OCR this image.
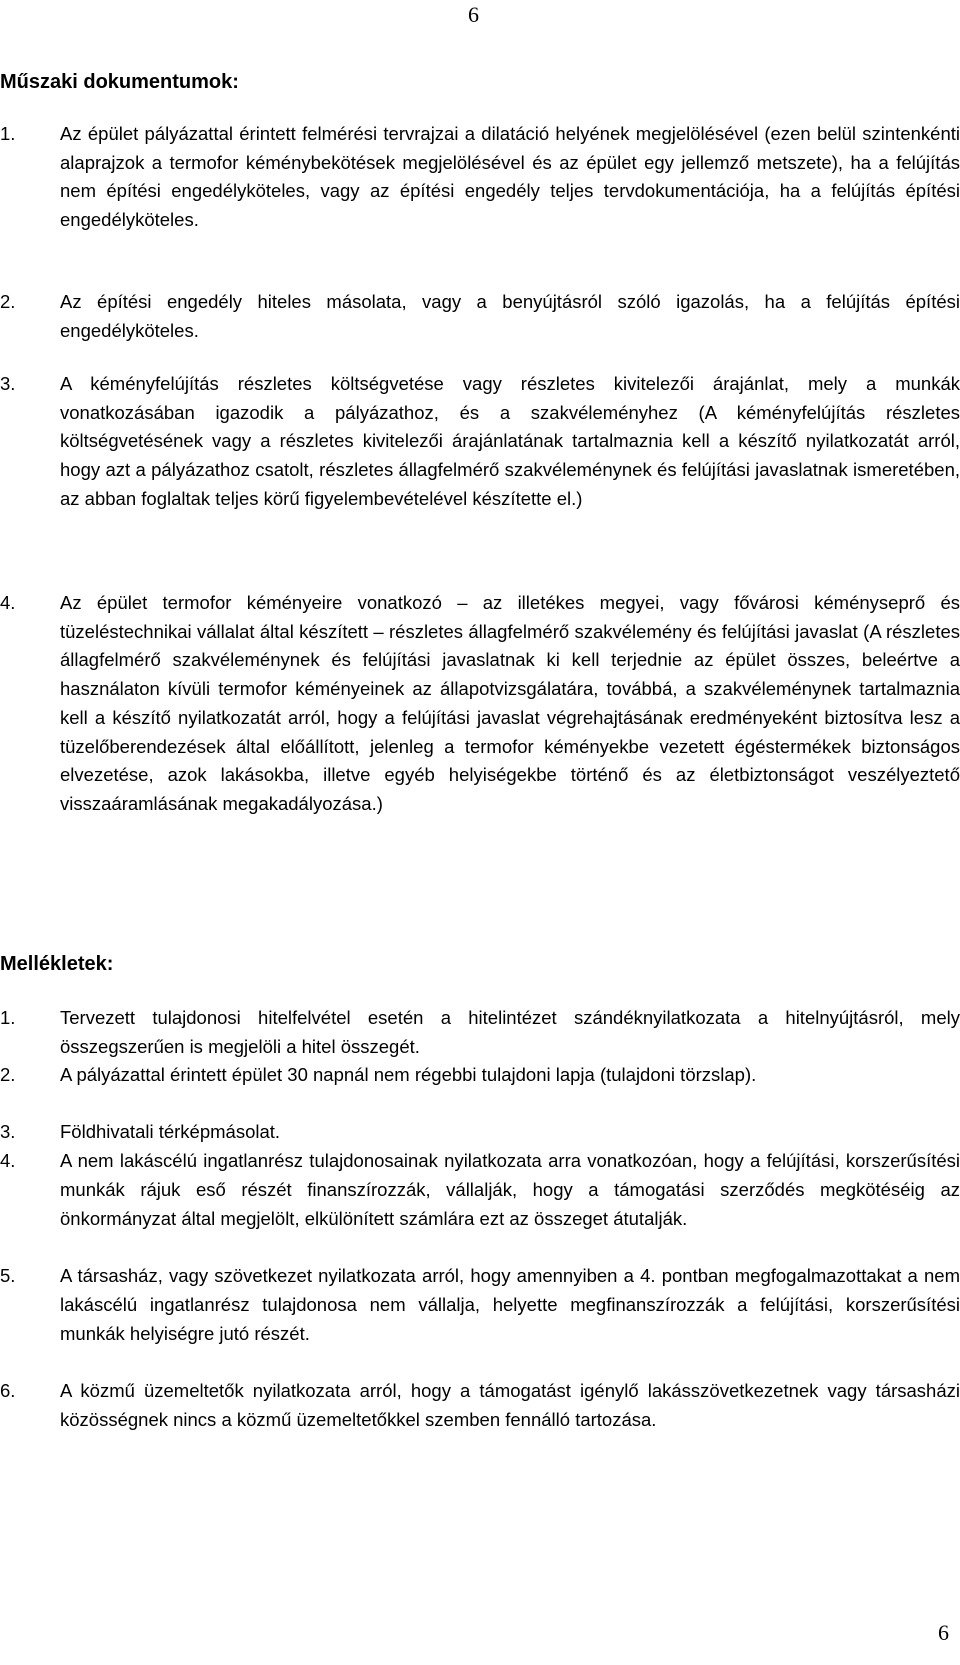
6
Műszaki dokumentumok:
1. Az épület pályázattal érintett felmérési tervrajzai a dilatáció helyének megjelölésével (ezen belül szintenkénti alaprajzok a termofor kéménybekötések megjelölésével és az épület egy jellemző metszete), ha a felújítás nem építési engedélyköteles, vagy az építési engedély teljes tervdokumentációja, ha a felújítás építési engedélyköteles.
2. Az építési engedély hiteles másolata, vagy a benyújtásról szóló igazolás, ha a felújítás építési engedélyköteles.
3. A kéményfelújítás részletes költségvetése vagy részletes kivitelezői árajánlat, mely a munkák vonatkozásában igazodik a pályázathoz, és a szakvéleményhez (A kéményfelújítás részletes költségvetésének vagy a részletes kivitelezői árajánlatának tartalmaznia kell a készítő nyilatkozatát arról, hogy azt a pályázathoz csatolt, részletes állagfelmérő szakvéleménynek és felújítási javaslatnak ismeretében, az abban foglaltak teljes körű figyelembevételével készítette el.)
4. Az épület termofor kéményeire vonatkozó – az illetékes megyei, vagy fővárosi kéményseprő és tüzeléstechnikai vállalat által készített – részletes állagfelmérő szakvélemény és felújítási javaslat (A részletes állagfelmérő szakvéleménynek és felújítási javaslatnak ki kell terjednie az épület összes, beleértve a használaton kívüli termofor kéményeinek az állapotvizsgálatára, továbbá, a szakvéleménynek tartalmaznia kell a készítő nyilatkozatát arról, hogy a felújítási javaslat végrehajtásának eredményeként biztosítva lesz a tüzelőberendezések által előállított, jelenleg a termofor kéményekbe vezetett égéstermékek biztonságos elvezetése, azok lakásokba, illetve egyéb helyiségekbe történő és az életbiztonságot veszélyeztető visszaáramlásának megakadályozása.)
Mellékletek:
1. Tervezett tulajdonosi hitelfelvétel esetén a hitelintézet szándéknyilatkozata a hitelnyújtásról, mely összegszerűen is megjelöli a hitel összegét.
2. A pályázattal érintett épület 30 napnál nem régebbi tulajdoni lapja (tulajdoni törzslap).
3. Földhivatali térképmásolat.
4. A nem lakáscélú ingatlanrész tulajdonosainak nyilatkozata arra vonatkozóan, hogy a felújítási, korszerűsítési munkák rájuk eső részét finanszírozzák, vállalják, hogy a támogatási szerződés megkötéséig az önkormányzat által megjelölt, elkülönített számlára ezt az összeget átutalják.
5. A társasház, vagy szövetkezet nyilatkozata arról, hogy amennyiben a 4. pontban megfogalmazottakat a nem lakáscélú ingatlanrész tulajdonosa nem vállalja, helyette megfinanszírozzák a felújítási, korszerűsítési munkák helyiségre jutó részét.
6. A közmű üzemeltetők nyilatkozata arról, hogy a támogatást igénylő lakásszövetkezetnek vagy társasházi közösségnek nincs a közmű üzemeltetőkkel szemben fennálló tartozása.
6
